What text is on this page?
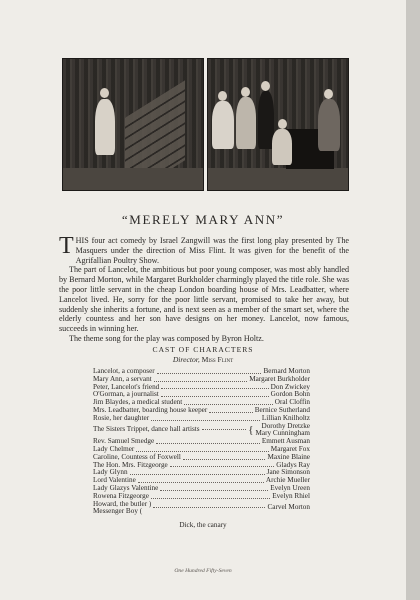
“MERELY MARY ANN”

THIS four act comedy by Israel Zangwill was the first long play presented by The Masquers under the direction of Miss Flint. It was given for the benefit of the Agrifallian Poultry Show.

The part of Lancelot, the ambitious but poor young composer, was most ably handled by Bernard Morton, while Margaret Burkholder charmingly played the title role. She was the poor little servant in the cheap London boarding house of Mrs. Leadbatter, where Lancelot lived. He, sorry for the poor little servant, promised to take her away, but suddenly she inherits a fortune, and is next seen as a member of the smart set, where the elderly countess and her son have designs on her money. Lancelot, now famous, succeeds in winning her.

The theme song for the play was composed by Byron Holtz.

CAST OF CHARACTERS
Director, Miss Flint
Lancelot, a composer	Bernard Morton
Mary Ann, a servant	Margaret Burkholder
Peter, Lancelot's friend	Don Zwickey
O'Gorman, a journalist	Gordon Bohn
Jim Blaydes, a medical student	Oral Cloffin
Mrs. Leadbatter, boarding house keeper	Bernice Sutherland
Rosie, her daughter	Lillian Knilholtz
The Sisters Trippet, dance hall artists	{ Dorothy Dretzke
Mary Cunningham
Rev. Samuel Smedge	Emmett Ausman
Lady Chelmer	Margaret Fox
Caroline, Countess of Foxwell	Maxine Blaine
The Hon. Mrs. Fitzgeorge	Gladys Ray
Lady Glynn	Jane Simonson
Lord Valentine	Archie Mueller
Lady Glazys Valentine	Evelyn Ureen
Rowena Fitzgeorge	Evelyn Rhiel
Howard, the butler )
Messenger Boy (	Carvel Morton
Dick, the canary
One Hundred Fifty-Seven
